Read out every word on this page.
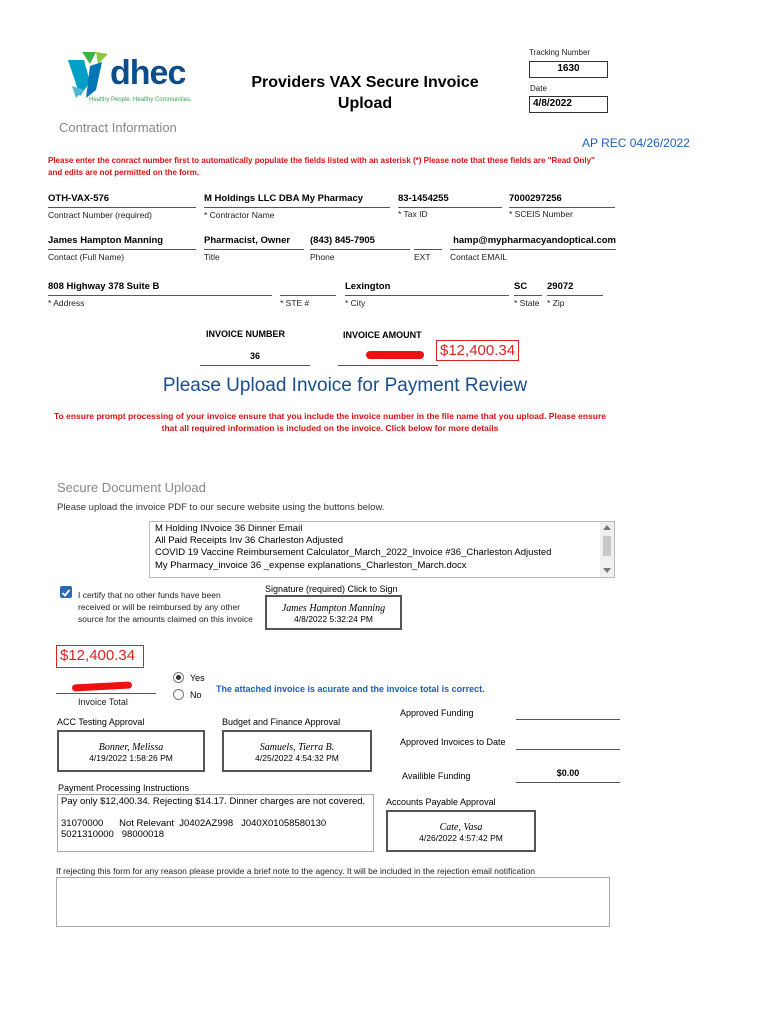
dhec
Healthy People. Healthy Communities.
Providers VAX Secure Invoice
Upload
Tracking Number
1630
Date
4/8/2022
Contract Information
AP REC 04/26/2022
Please enter the conract number first to automatically populate the fields listed with an asterisk (*) Please note that these fields are "Read Only" and edits are not permitted on the form.
OTH-VAX-576
Contract Number (required)
M Holdings LLC DBA My Pharmacy
* Contractor Name
83-1454255
* Tax ID
7000297256
* SCEIS Number
James Hampton Manning
Contact (Full Name)
Pharmacist, Owner
Title
(843) 845-7905
Phone	EXT
hamp@mypharmacyandoptical.com
Contact EMAIL
808 Highway 378 Suite B
* Address	* STE #
Lexington
* City
SC
* State
29072
* Zip
INVOICE NUMBER
36
INVOICE AMOUNT
$12,400.34
Please Upload Invoice for Payment Review
To ensure prompt processing of your invoice ensure that you include the invoice number in the file name that you upload. Please ensure that all required information is included on the invoice. Click below for more details
Secure Document Upload
Please upload the invoice PDF to our secure website using the buttons below.
M Holding INvoice 36 Dinner Email
All Paid Receipts Inv 36 Charleston Adjusted
COVID 19 Vaccine Reimbursement Calculator_March_2022_Invoice #36_Charleston Adjusted
My Pharmacy_invoice 36 _expense explanations_Charleston_March.docx
I certify that no other funds have been received or will be reimbursed by any other source for the amounts claimed on this invoice
Signature (required) Click to Sign
James Hampton Manning
4/8/2022 5:32:24 PM
$12,400.34
Invoice Total
Yes
No
The attached invoice is acurate and the invoice total is correct.
ACC Testing Approval
Bonner, Melissa
4/19/2022 1:58:26 PM
Budget and Finance Approval
Samuels, Tierra B.
4/25/2022 4:54:32 PM
Approved Funding
Approved Invoices to Date
Availible Funding	$0.00
Payment Processing Instructions
Pay only $12,400.34. Rejecting $14.17. Dinner charges are not covered. 31070000 Not Relevant J0402AZ998 J040X01058580130 5021310000 98000018
Accounts Payable Approval
Cate, Vasa
4/26/2022 4:57:42 PM
If rejecting this form for any reason please provide a brief note to the agency. It will be included in the rejection email notification
